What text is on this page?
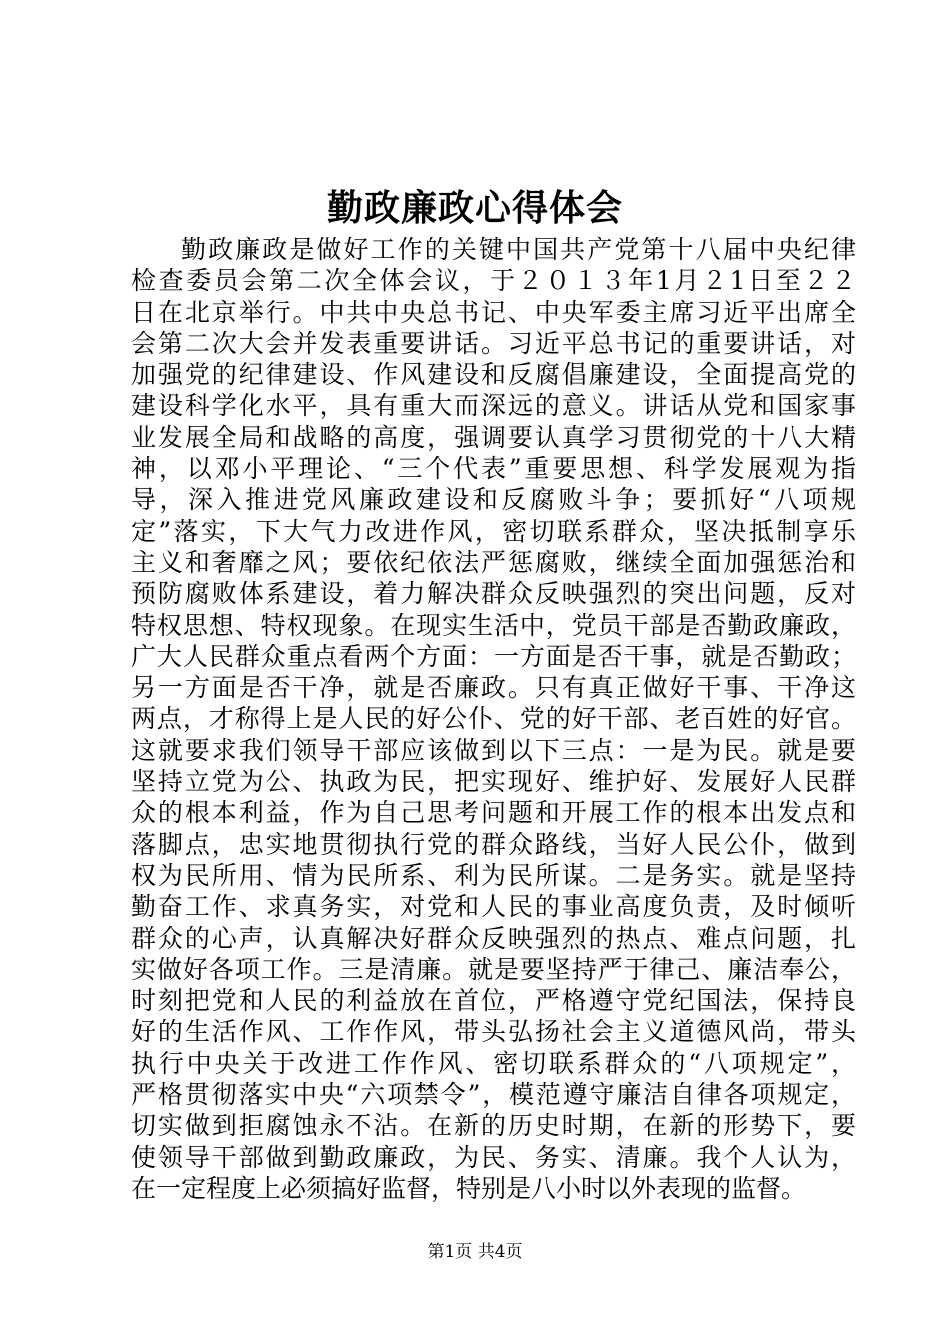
勤政廉政心得体会
勤政廉政是做好工作的关键中国共产党第十八届中央纪律
检查委员会第二次全体会议，于２０１３年1月２1日至２２
日在北京举行。中共中央总书记、中央军委主席习近平出席全
会第二次大会并发表重要讲话。习近平总书记的重要讲话，对
加强党的纪律建设、作风建设和反腐倡廉建设，全面提高党的
建设科学化水平，具有重大而深远的意义。讲话从党和国家事
业发展全局和战略的高度，强调要认真学习贯彻党的十八大精
神，以邓小平理论、“三个代表”重要思想、科学发展观为指
导，深入推进党风廉政建设和反腐败斗争；要抓好“八项规
定”落实，下大气力改进作风，密切联系群众，坚决抵制享乐
主义和奢靡之风；要依纪依法严惩腐败，继续全面加强惩治和
预防腐败体系建设，着力解决群众反映强烈的突出问题，反对
特权思想、特权现象。在现实生活中，党员干部是否勤政廉政，
广大人民群众重点看两个方面：一方面是否干事，就是否勤政；
另一方面是否干净，就是否廉政。只有真正做好干事、干净这
两点，才称得上是人民的好公仆、党的好干部、老百姓的好官。
这就要求我们领导干部应该做到以下三点：一是为民。就是要
坚持立党为公、执政为民，把实现好、维护好、发展好人民群
众的根本利益，作为自己思考问题和开展工作的根本出发点和
落脚点，忠实地贯彻执行党的群众路线，当好人民公仆，做到
权为民所用、情为民所系、利为民所谋。二是务实。就是坚持
勤奋工作、求真务实，对党和人民的事业高度负责，及时倾听
群众的心声，认真解决好群众反映强烈的热点、难点问题，扎
实做好各项工作。三是清廉。就是要坚持严于律己、廉洁奉公，
时刻把党和人民的利益放在首位，严格遵守党纪国法，保持良
好的生活作风、工作作风，带头弘扬社会主义道德风尚，带头
执行中央关于改进工作作风、密切联系群众的“八项规定”，
严格贯彻落实中央“六项禁令”，模范遵守廉洁自律各项规定，
切实做到拒腐蚀永不沾。在新的历史时期，在新的形势下，要
使领导干部做到勤政廉政，为民、务实、清廉。我个人认为，
在一定程度上必须搞好监督，特别是八小时以外表现的监督。
第1页 共4页
